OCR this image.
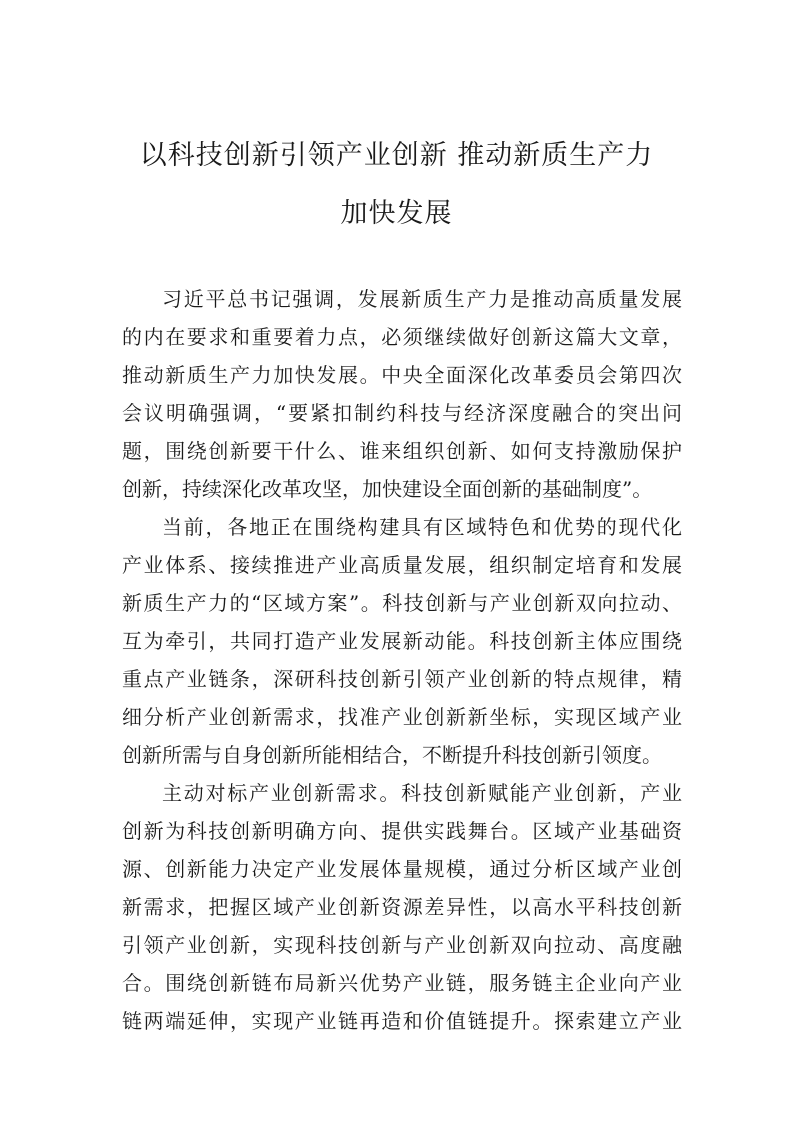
以科技创新引领产业创新 推动新质生产力
加快发展

习近平总书记强调，发展新质生产力是推动高质量发展

的内在要求和重要着力点，必须继续做好创新这篇大文章，

推动新质生产力加快发展。中央全面深化改革委员会第四次

会议明确强调，“要紧扣制约科技与经济深度融合的突出问

题，围绕创新要干什么、谁来组织创新、如何支持激励保护

创新，持续深化改革攻坚，加快建设全面创新的基础制度”。

当前，各地正在围绕构建具有区域特色和优势的现代化

产业体系、接续推进产业高质量发展，组织制定培育和发展

新质生产力的“区域方案”。科技创新与产业创新双向拉动、

互为牵引，共同打造产业发展新动能。科技创新主体应围绕

重点产业链条，深研科技创新引领产业创新的特点规律，精

细分析产业创新需求，找准产业创新新坐标，实现区域产业

创新所需与自身创新所能相结合，不断提升科技创新引领度。

主动对标产业创新需求。科技创新赋能产业创新，产业

创新为科技创新明确方向、提供实践舞台。区域产业基础资

源、创新能力决定产业发展体量规模，通过分析区域产业创

新需求，把握区域产业创新资源差异性，以高水平科技创新

引领产业创新，实现科技创新与产业创新双向拉动、高度融

合。围绕创新链布局新兴优势产业链，服务链主企业向产业

链两端延伸，实现产业链再造和价值链提升。探索建立产业
